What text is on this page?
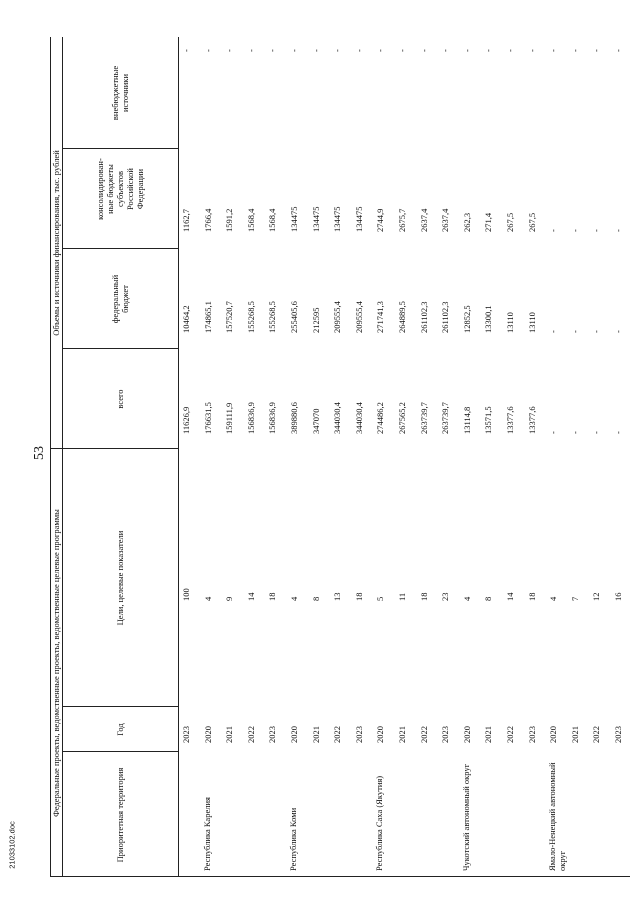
53
21033102.doc
Федеральные проекты, ведомственные проекты, ведомственные целевые программы
Объемы и источники финансирования, тыс. рублей
Приоритетная территория
Год
Цели, целевые показатели
всего
федеральный бюджет
консолидирован-ные бюджеты субъектов Российской Федерации
внебюджетные источники
2023
100
11626,9
10464,2
1162,7
-
2020
4
176631,5
174865,1
1766,4
-
Республика Карелия
2021
9
159111,9
157520,7
1591,2
-
2022
14
156836,9
155268,5
1568,4
-
2023
18
156836,9
155268,5
1568,4
-
2020
4
389880,6
255405,6
134475
-
Республика Коми
2021
8
347070
212595
134475
-
2022
13
344030,4
209555,4
134475
-
2023
18
344030,4
209555,4
134475
-
2020
5
274486,2
271741,3
2744,9
-
Республика Саха (Якутия)
2021
11
267565,2
264889,5
2675,7
-
2022
18
263739,7
261102,3
2637,4
-
2023
23
263739,7
261102,3
2637,4
-
2020
4
13114,8
12852,5
262,3
-
Чукотский автономный округ
2021
8
13571,5
13300,1
271,4
-
2022
14
13377,6
13110
267,5
-
2023
18
13377,6
13110
267,5
-
2020
4
-
-
-
-
Ямало-Ненецкий автономный округ
2021
7
-
-
-
-
2022
12
-
-
-
-
2023
16
-
-
-
-
